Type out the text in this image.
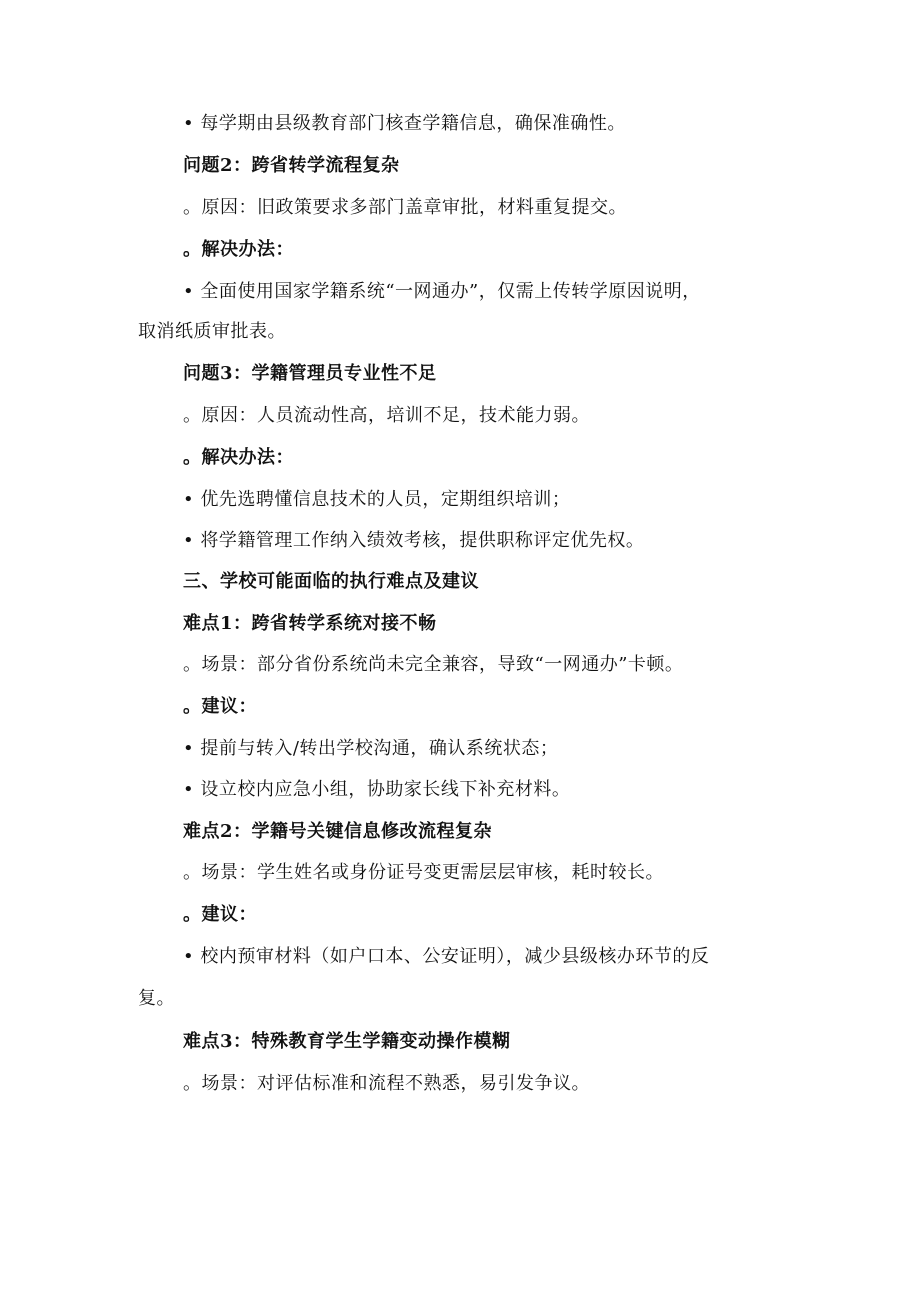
• 每学期由县级教育部门核查学籍信息，确保准确性。
问题2：跨省转学流程复杂
。原因：旧政策要求多部门盖章审批，材料重复提交。
。解决办法：
• 全面使用国家学籍系统“一网通办”，仅需上传转学原因说明，
取消纸质审批表。
问题3：学籍管理员专业性不足
。原因：人员流动性高，培训不足，技术能力弱。
。解决办法：
• 优先选聘懂信息技术的人员，定期组织培训；
• 将学籍管理工作纳入绩效考核，提供职称评定优先权。
三、学校可能面临的执行难点及建议
难点1：跨省转学系统对接不畅
。场景：部分省份系统尚未完全兼容，导致“一网通办”卡顿。
。建议：
• 提前与转入/转出学校沟通，确认系统状态；
• 设立校内应急小组，协助家长线下补充材料。
难点2：学籍号关键信息修改流程复杂
。场景：学生姓名或身份证号变更需层层审核，耗时较长。
。建议：
• 校内预审材料（如户口本、公安证明），减少县级核办环节的反
复。
难点3：特殊教育学生学籍变动操作模糊
。场景：对评估标准和流程不熟悉，易引发争议。
